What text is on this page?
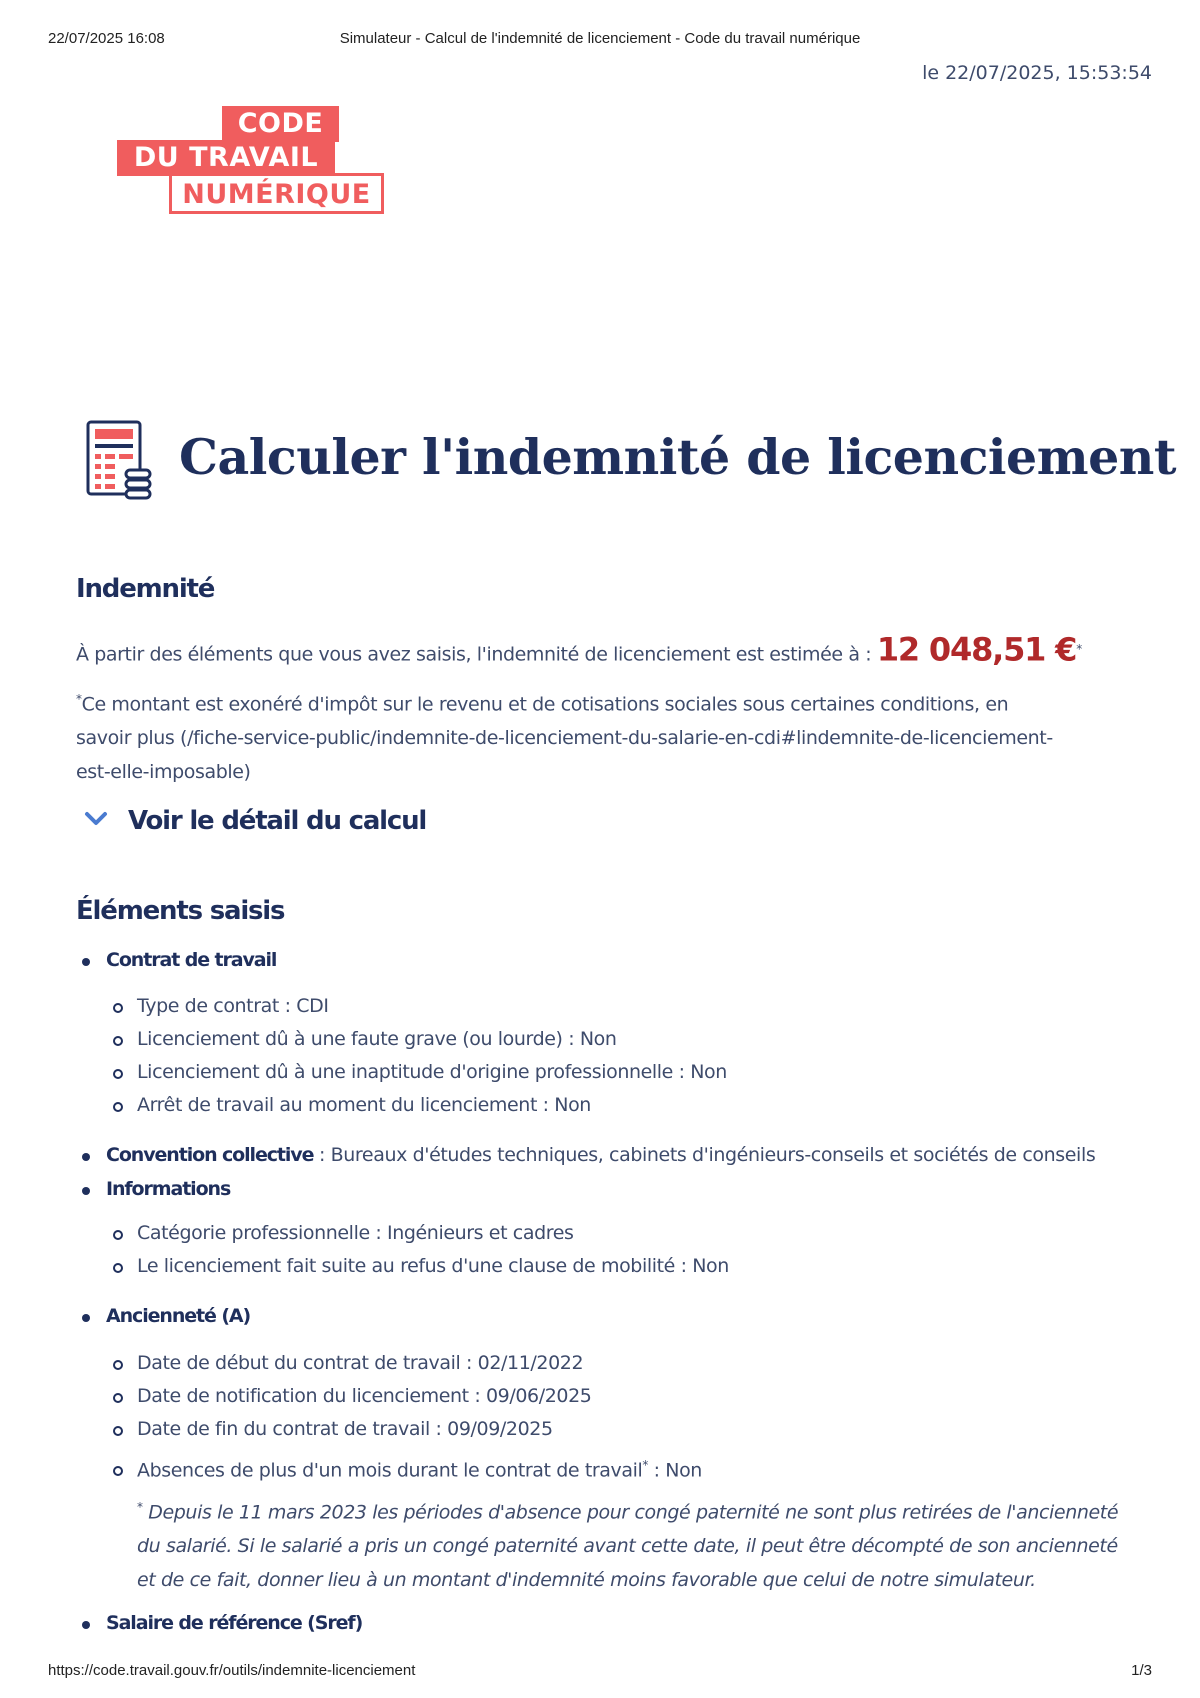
22/07/2025 16:08	Simulateur - Calcul de l'indemnité de licenciement - Code du travail numérique
le 22/07/2025, 15:53:54
CODE
DU TRAVAIL
NUMÉRIQUE
Calculer l'indemnité de licenciement
Indemnité
À partir des éléments que vous avez saisis, l'indemnité de licenciement est estimée à : 12 048,51 €*
*Ce montant est exonéré d'impôt sur le revenu et de cotisations sociales sous certaines conditions, en
savoir plus (/fiche-service-public/indemnite-de-licenciement-du-salarie-en-cdi#lindemnite-de-licenciement-
est-elle-imposable)
Voir le détail du calcul
Éléments saisis
Contrat de travail
Type de contrat : CDI
Licenciement dû à une faute grave (ou lourde) : Non
Licenciement dû à une inaptitude d'origine professionnelle : Non
Arrêt de travail au moment du licenciement : Non
Convention collective : Bureaux d'études techniques, cabinets d'ingénieurs-conseils et sociétés de conseils
Informations
Catégorie professionnelle : Ingénieurs et cadres
Le licenciement fait suite au refus d'une clause de mobilité : Non
Ancienneté (A)
Date de début du contrat de travail : 02/11/2022
Date de notification du licenciement : 09/06/2025
Date de fin du contrat de travail : 09/09/2025
Absences de plus d'un mois durant le contrat de travail* : Non
* Depuis le 11 mars 2023 les périodes d'absence pour congé paternité ne sont plus retirées de l'ancienneté
du salarié. Si le salarié a pris un congé paternité avant cette date, il peut être décompté de son ancienneté
et de ce fait, donner lieu à un montant d'indemnité moins favorable que celui de notre simulateur.
Salaire de référence (Sref)
https://code.travail.gouv.fr/outils/indemnite-licenciement	1/3
